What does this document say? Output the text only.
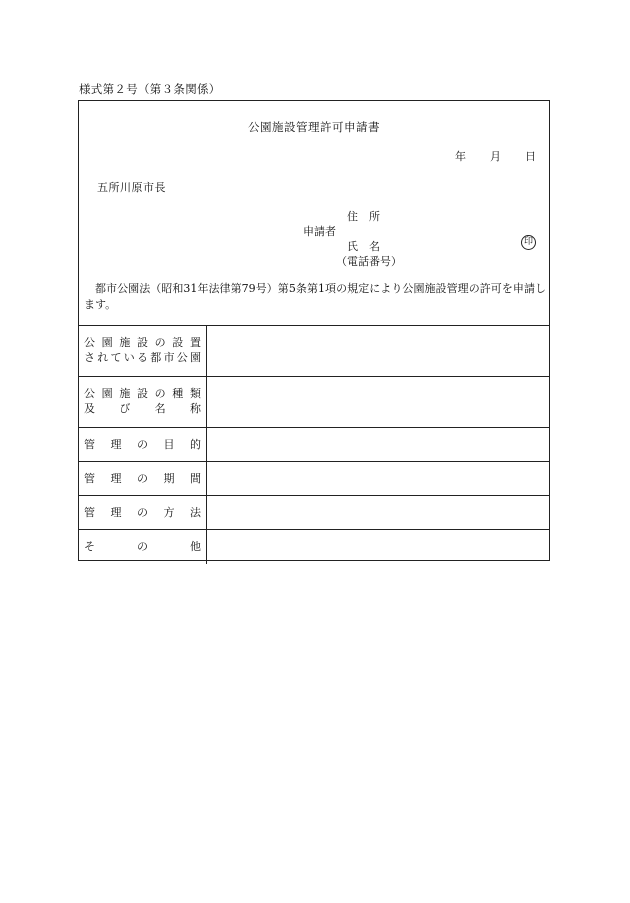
様式第２号（第３条関係）
公園施設管理許可申請書
年 月 日
五所川原市長
住　所
申請者
氏　名	印
（電話番号）
都市公園法（昭和31年法律第79号）第5条第1項の規定により公園施設管理の許可を申請します。
公 園 施 設 の 設 置
さ れ て い る 都 市 公 園
公 園 施 設 の 種 類
及 び 名 称
管 理 の 目 的
管 理 の 期 間
管 理 の 方 法
そ	の	他
